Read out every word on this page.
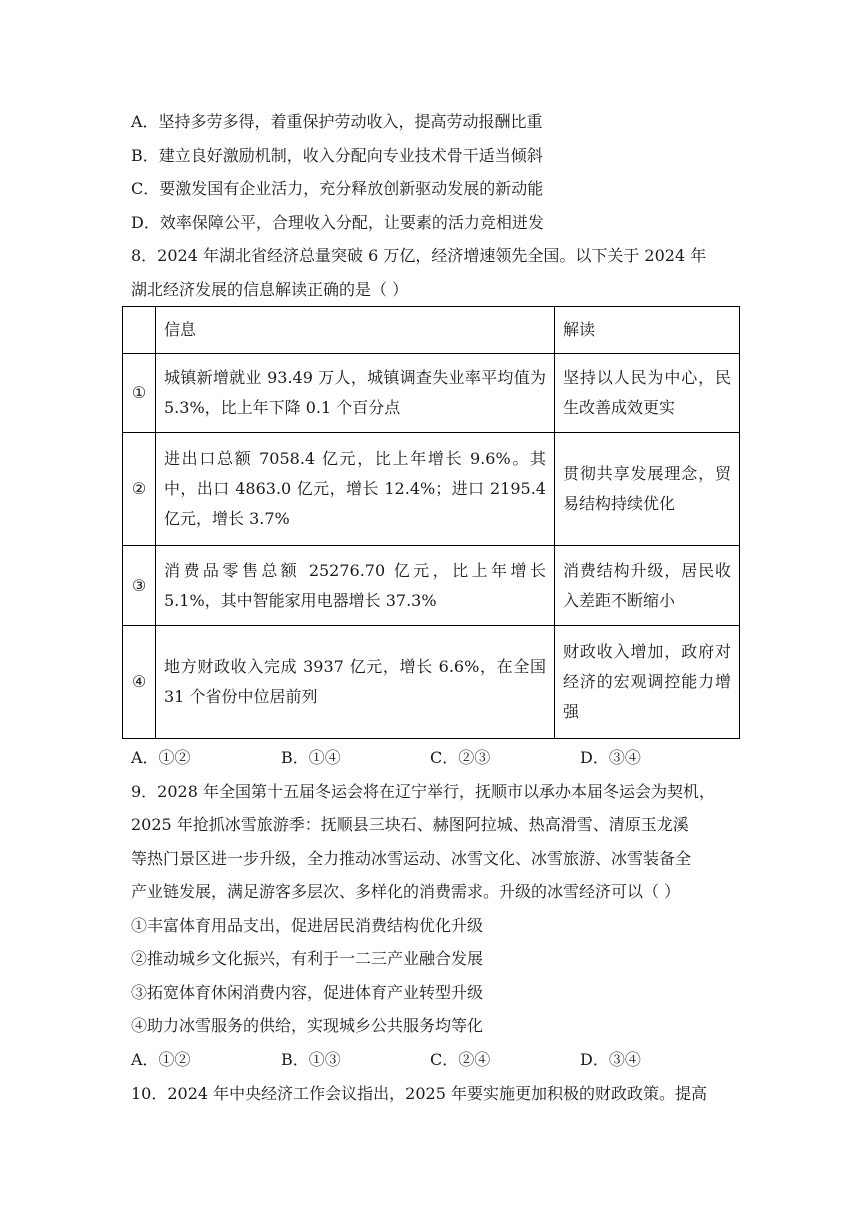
A．坚持多劳多得，着重保护劳动收入，提高劳动报酬比重
B．建立良好激励机制，收入分配向专业技术骨干适当倾斜
C．要激发国有企业活力，充分释放创新驱动发展的新动能
D．效率保障公平，合理收入分配，让要素的活力竞相迸发
8．2024 年湖北省经济总量突破 6 万亿，经济增速领先全国。以下关于 2024 年
湖北经济发展的信息解读正确的是（ ）
	信息	解读
①	城镇新增就业 93.49 万人，城镇调查失业率平均值为 5.3%，比上年下降 0.1 个百分点	坚持以人民为中心，民生改善成效更实
②	进出口总额 7058.4 亿元，比上年增长 9.6%。其中，出口 4863.0 亿元，增长 12.4%；进口 2195.4 亿元，增长 3.7%	贯彻共享发展理念，贸易结构持续优化
③	消费品零售总额 25276.70 亿元，比上年增长 5.1%，其中智能家用电器增长 37.3%	消费结构升级，居民收入差距不断缩小
④	地方财政收入完成 3937 亿元，增长 6.6%，在全国 31 个省份中位居前列	财政收入增加，政府对经济的宏观调控能力增强
A．①②	B．①④	C．②③	D．③④
9．2028 年全国第十五届冬运会将在辽宁举行，抚顺市以承办本届冬运会为契机，
2025 年抢抓冰雪旅游季：抚顺县三块石、赫图阿拉城、热高滑雪、清原玉龙溪
等热门景区进一步升级，全力推动冰雪运动、冰雪文化、冰雪旅游、冰雪装备全
产业链发展，满足游客多层次、多样化的消费需求。升级的冰雪经济可以（ ）
①丰富体育用品支出，促进居民消费结构优化升级
②推动城乡文化振兴，有利于一二三产业融合发展
③拓宽体育休闲消费内容，促进体育产业转型升级
④助力冰雪服务的供给，实现城乡公共服务均等化
A．①②	B．①③	C．②④	D．③④
10．2024 年中央经济工作会议指出，2025 年要实施更加积极的财政政策。提高
